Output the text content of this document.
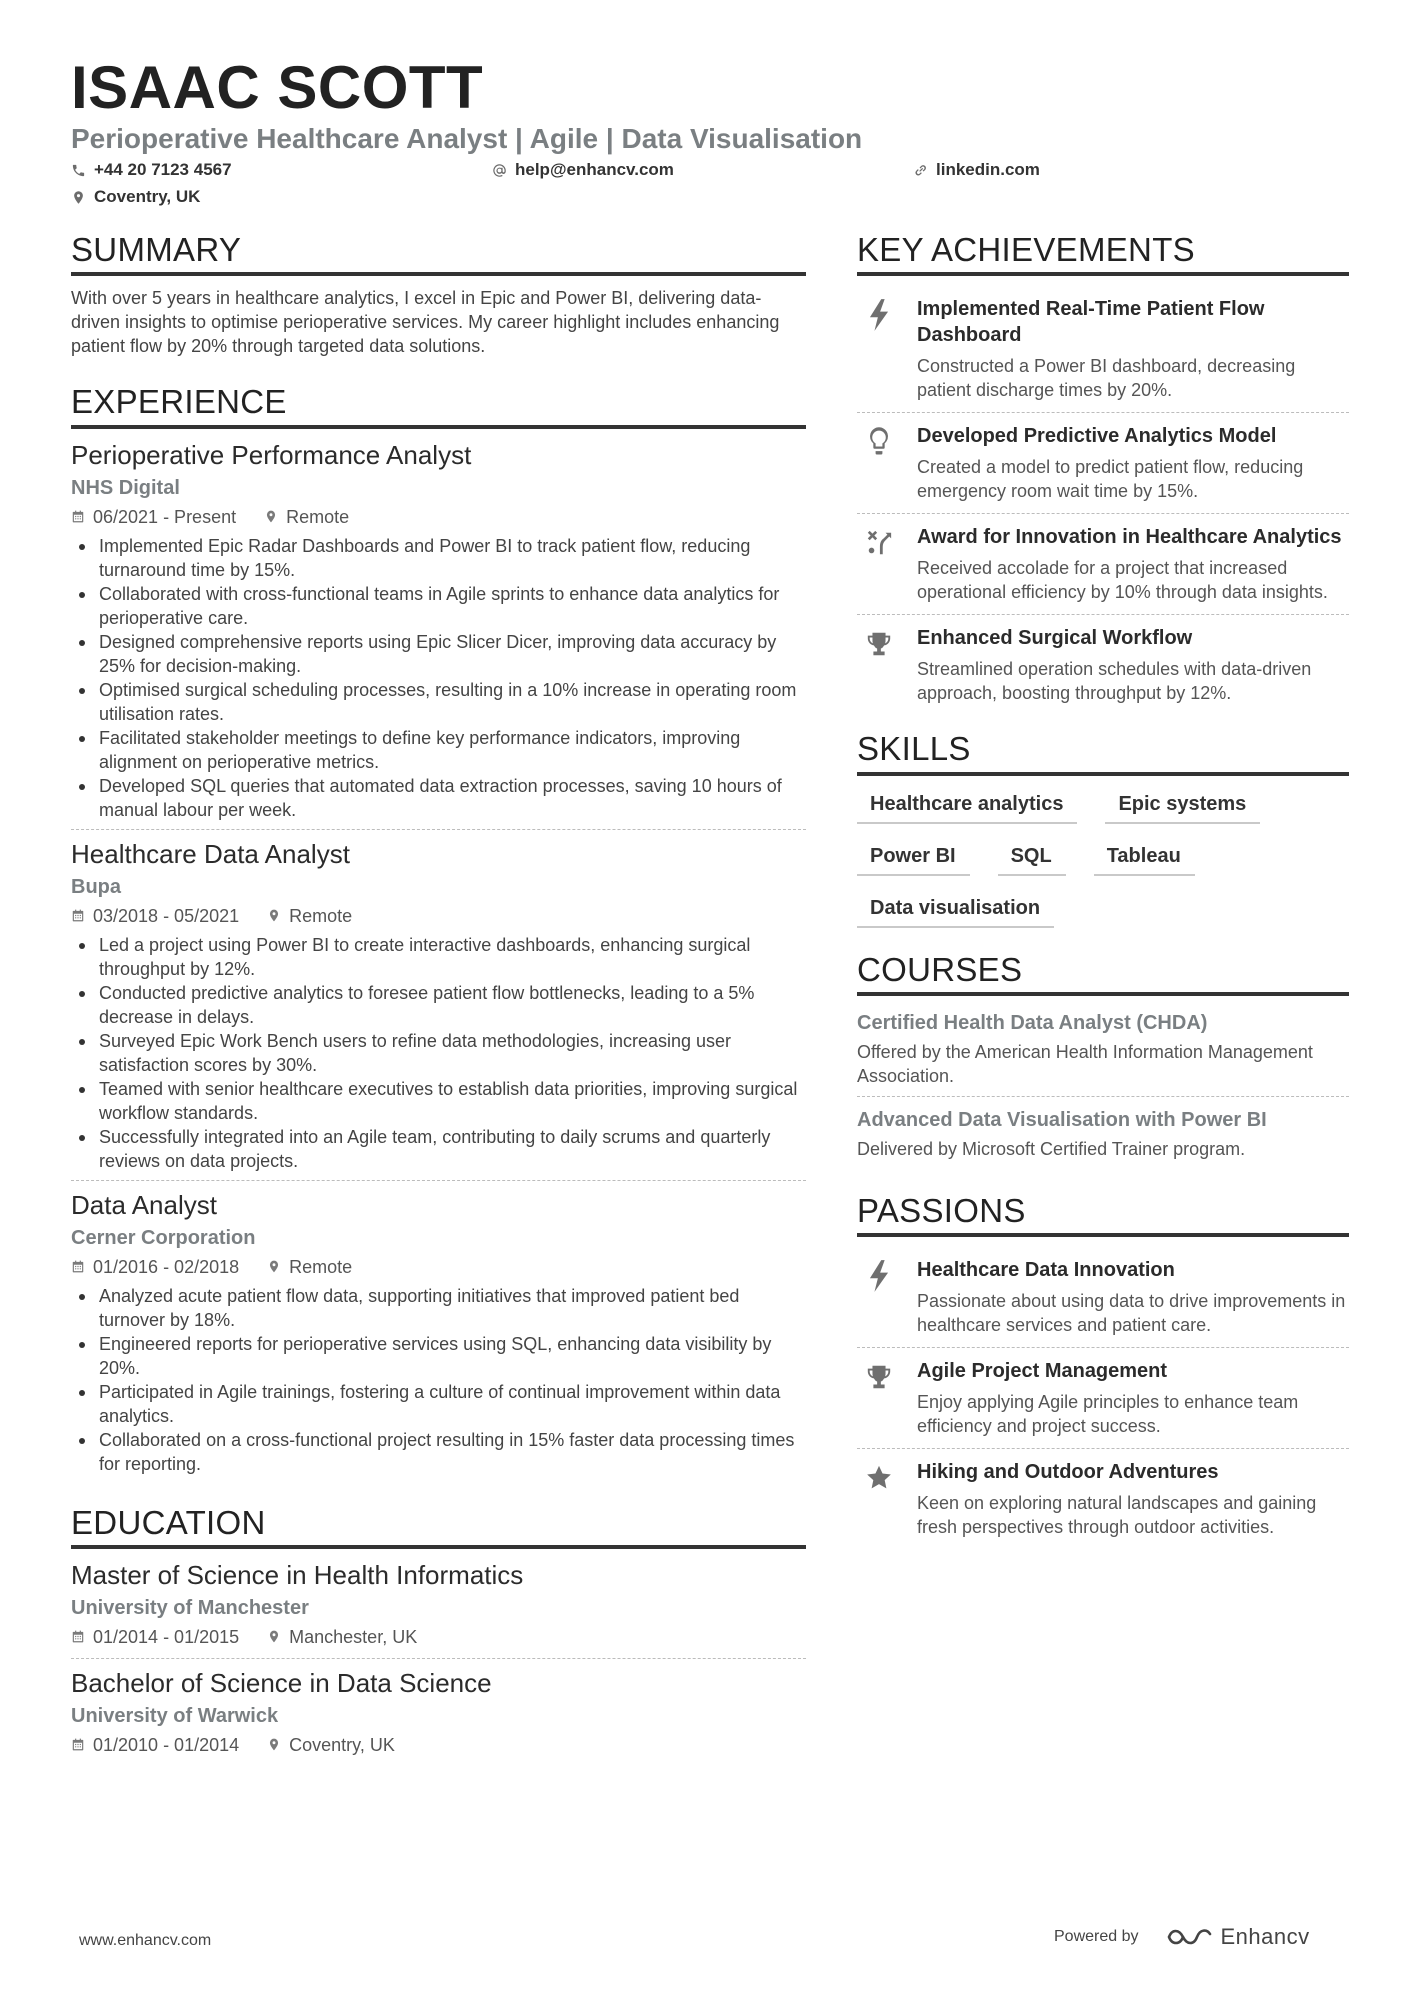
ISAAC SCOTT
Perioperative Healthcare Analyst | Agile | Data Visualisation
+44 20 7123 4567	help@enhancv.com	linkedin.com
Coventry, UK
SUMMARY
With over 5 years in healthcare analytics, I excel in Epic and Power BI, delivering data-driven insights to optimise perioperative services. My career highlight includes enhancing patient flow by 20% through targeted data solutions.
EXPERIENCE
Perioperative Performance Analyst
NHS Digital
06/2021 - Present	Remote
Implemented Epic Radar Dashboards and Power BI to track patient flow, reducing turnaround time by 15%.
Collaborated with cross-functional teams in Agile sprints to enhance data analytics for perioperative care.
Designed comprehensive reports using Epic Slicer Dicer, improving data accuracy by 25% for decision-making.
Optimised surgical scheduling processes, resulting in a 10% increase in operating room utilisation rates.
Facilitated stakeholder meetings to define key performance indicators, improving alignment on perioperative metrics.
Developed SQL queries that automated data extraction processes, saving 10 hours of manual labour per week.
Healthcare Data Analyst
Bupa
03/2018 - 05/2021	Remote
Led a project using Power BI to create interactive dashboards, enhancing surgical throughput by 12%.
Conducted predictive analytics to foresee patient flow bottlenecks, leading to a 5% decrease in delays.
Surveyed Epic Work Bench users to refine data methodologies, increasing user satisfaction scores by 30%.
Teamed with senior healthcare executives to establish data priorities, improving surgical workflow standards.
Successfully integrated into an Agile team, contributing to daily scrums and quarterly reviews on data projects.
Data Analyst
Cerner Corporation
01/2016 - 02/2018	Remote
Analyzed acute patient flow data, supporting initiatives that improved patient bed turnover by 18%.
Engineered reports for perioperative services using SQL, enhancing data visibility by 20%.
Participated in Agile trainings, fostering a culture of continual improvement within data analytics.
Collaborated on a cross-functional project resulting in 15% faster data processing times for reporting.
EDUCATION
Master of Science in Health Informatics
University of Manchester
01/2014 - 01/2015	Manchester, UK
Bachelor of Science in Data Science
University of Warwick
01/2010 - 01/2014	Coventry, UK
KEY ACHIEVEMENTS
Implemented Real-Time Patient Flow Dashboard
Constructed a Power BI dashboard, decreasing patient discharge times by 20%.
Developed Predictive Analytics Model
Created a model to predict patient flow, reducing emergency room wait time by 15%.
Award for Innovation in Healthcare Analytics
Received accolade for a project that increased operational efficiency by 10% through data insights.
Enhanced Surgical Workflow
Streamlined operation schedules with data-driven approach, boosting throughput by 12%.
SKILLS
Healthcare analytics	Epic systems
Power BI	SQL	Tableau
Data visualisation
COURSES
Certified Health Data Analyst (CHDA)
Offered by the American Health Information Management Association.
Advanced Data Visualisation with Power BI
Delivered by Microsoft Certified Trainer program.
PASSIONS
Healthcare Data Innovation
Passionate about using data to drive improvements in healthcare services and patient care.
Agile Project Management
Enjoy applying Agile principles to enhance team efficiency and project success.
Hiking and Outdoor Adventures
Keen on exploring natural landscapes and gaining fresh perspectives through outdoor activities.
www.enhancv.com	Powered by	Enhancv
